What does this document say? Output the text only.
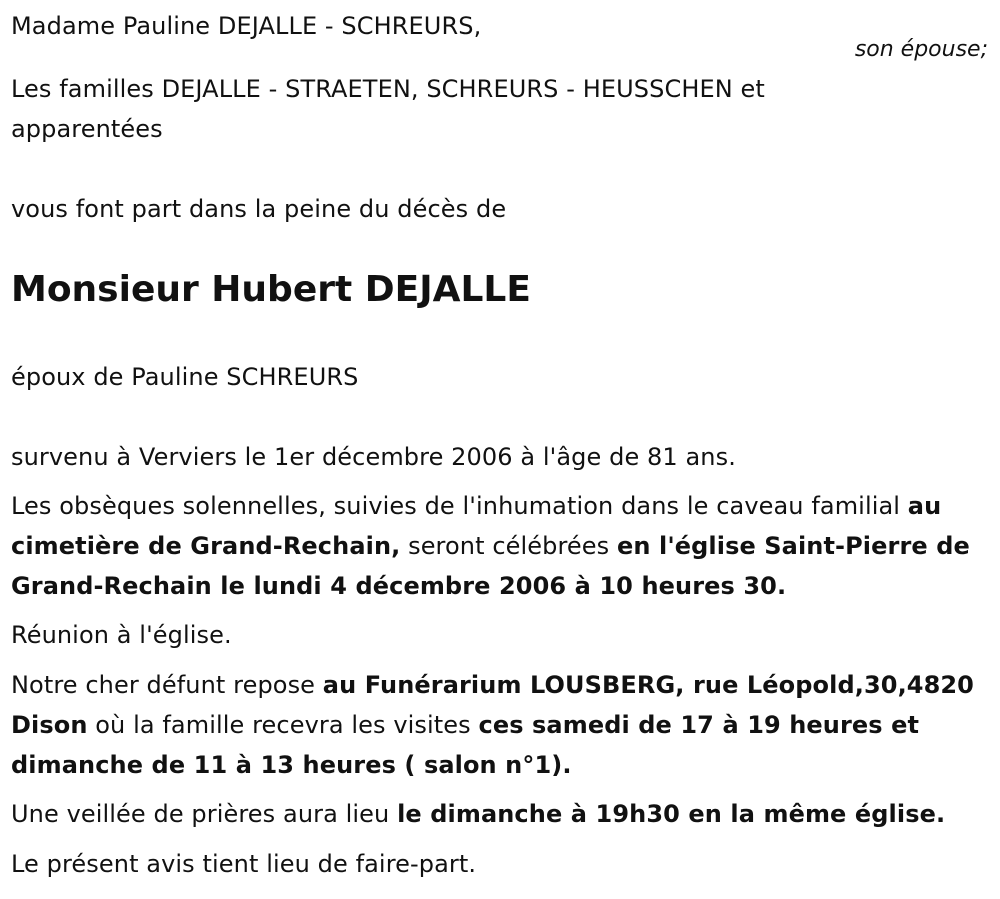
Madame Pauline DEJALLE - SCHREURS,
son épouse;
Les familles DEJALLE - STRAETEN, SCHREURS - HEUSSCHEN et apparentées
vous font part dans la peine du décès de
Monsieur Hubert DEJALLE
époux de Pauline SCHREURS
survenu à Verviers le 1er décembre 2006 à l'âge de 81 ans.
Les obsèques solennelles, suivies de l'inhumation dans le caveau familial au cimetière de Grand-Rechain, seront célébrées en l'église Saint-Pierre de Grand-Rechain le lundi 4 décembre 2006 à 10 heures 30.
Réunion à l'église.
Notre cher défunt repose au Funérarium LOUSBERG, rue Léopold,30,4820 Dison où la famille recevra les visites ces samedi de 17 à 19 heures et dimanche de 11 à 13 heures ( salon n°1).
Une veillée de prières aura lieu le dimanche à 19h30 en la même église.
Le présent avis tient lieu de faire-part.
